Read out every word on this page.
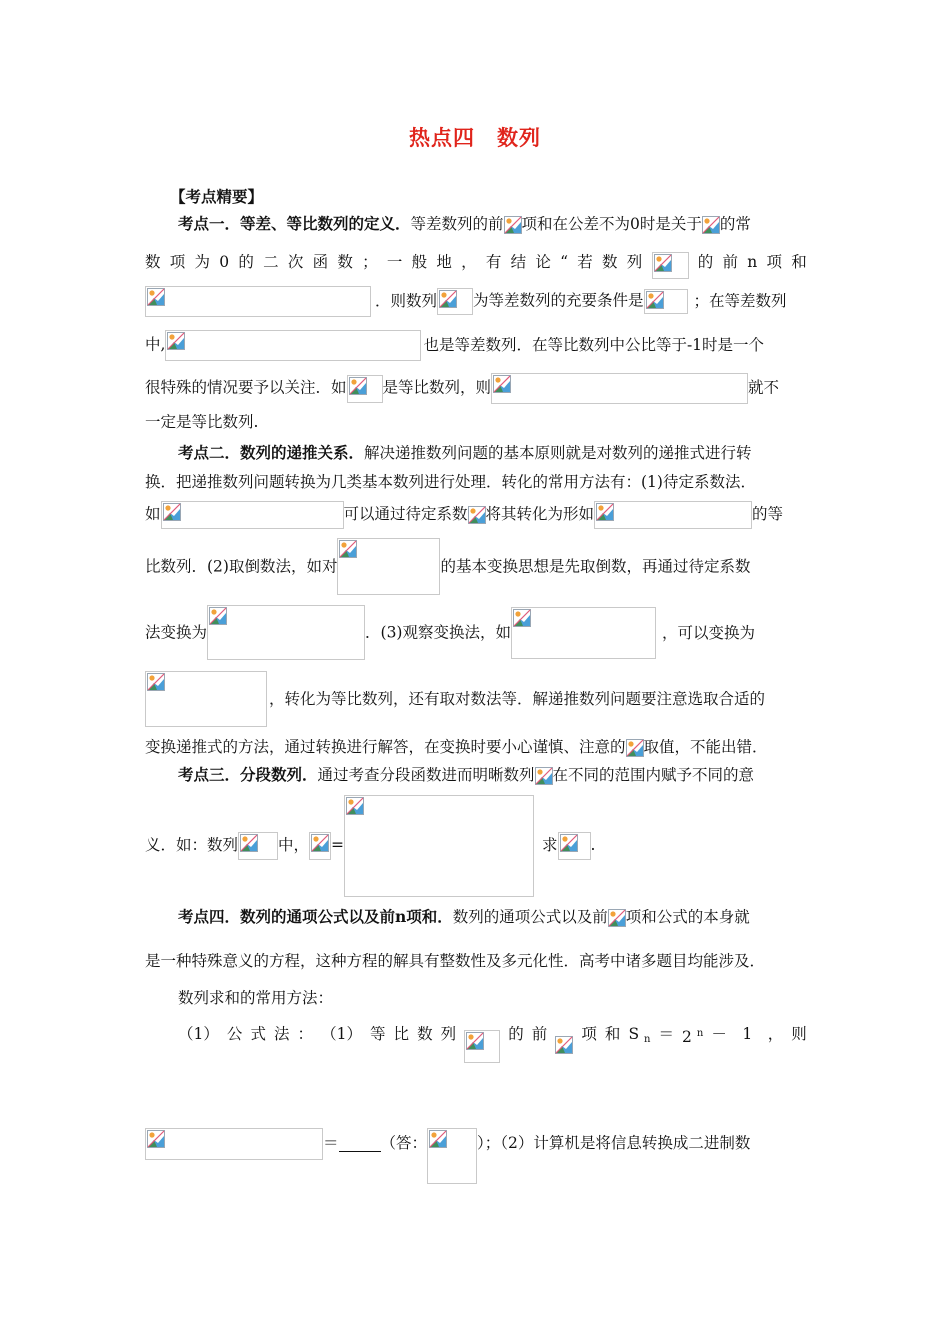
热点四　数列
【考点精要】
考点一．等差、等比数列的定义．等差数列的前 项和在公差不为0时是关于 的常
数 项 为 0 的 二 次 函 数 ； 一 般 地 ， 有 结 论 “ 若 数 列	的 前 n 项 和
．则数列 为等差数列的充要条件是	；在等差数列
中,	也是等差数列．在等比数列中公比等于-1时是一个
很特殊的情况要予以关注．如 是等比数列，则	就不
一定是等比数列.
考点二．数列的递推关系．解决递推数列问题的基本原则就是对数列的递推式进行转
换．把递推数列问题转换为几类基本数列进行处理．转化的常用方法有：(1)待定系数法．
如	可以通过待定系数 将其转化为形如	的等
比数列．(2)取倒数法，如对	的基本变换思想是先取倒数，再通过待定系数
法变换为	．(3)观察变换法，如	，可以变换为
，转化为等比数列，还有取对数法等．解递推数列问题要注意选取合适的
变换递推式的方法，通过转换进行解答，在变换时要小心谨慎、注意的 取值，不能出错．
考点三．分段数列．通过考查分段函数进而明晰数列 在不同的范围内赋予不同的意
义．如：数列	中， =	求 .
考点四．数列的通项公式以及前n项和．数列的通项公式以及前 项和公式的本身就
是一种特殊意义的方程，这种方程的解具有整数性及多元化性．高考中诸多题目均能涉及．
数列求和的常用方法：
（1） 公 式 法 ： （1） 等 比 数 列	的 前 项 和 S $_n$ ＝ 2 $^n$ －　1　， 则
＝	（答：	）；（2）计算机是将信息转换成二进制数
